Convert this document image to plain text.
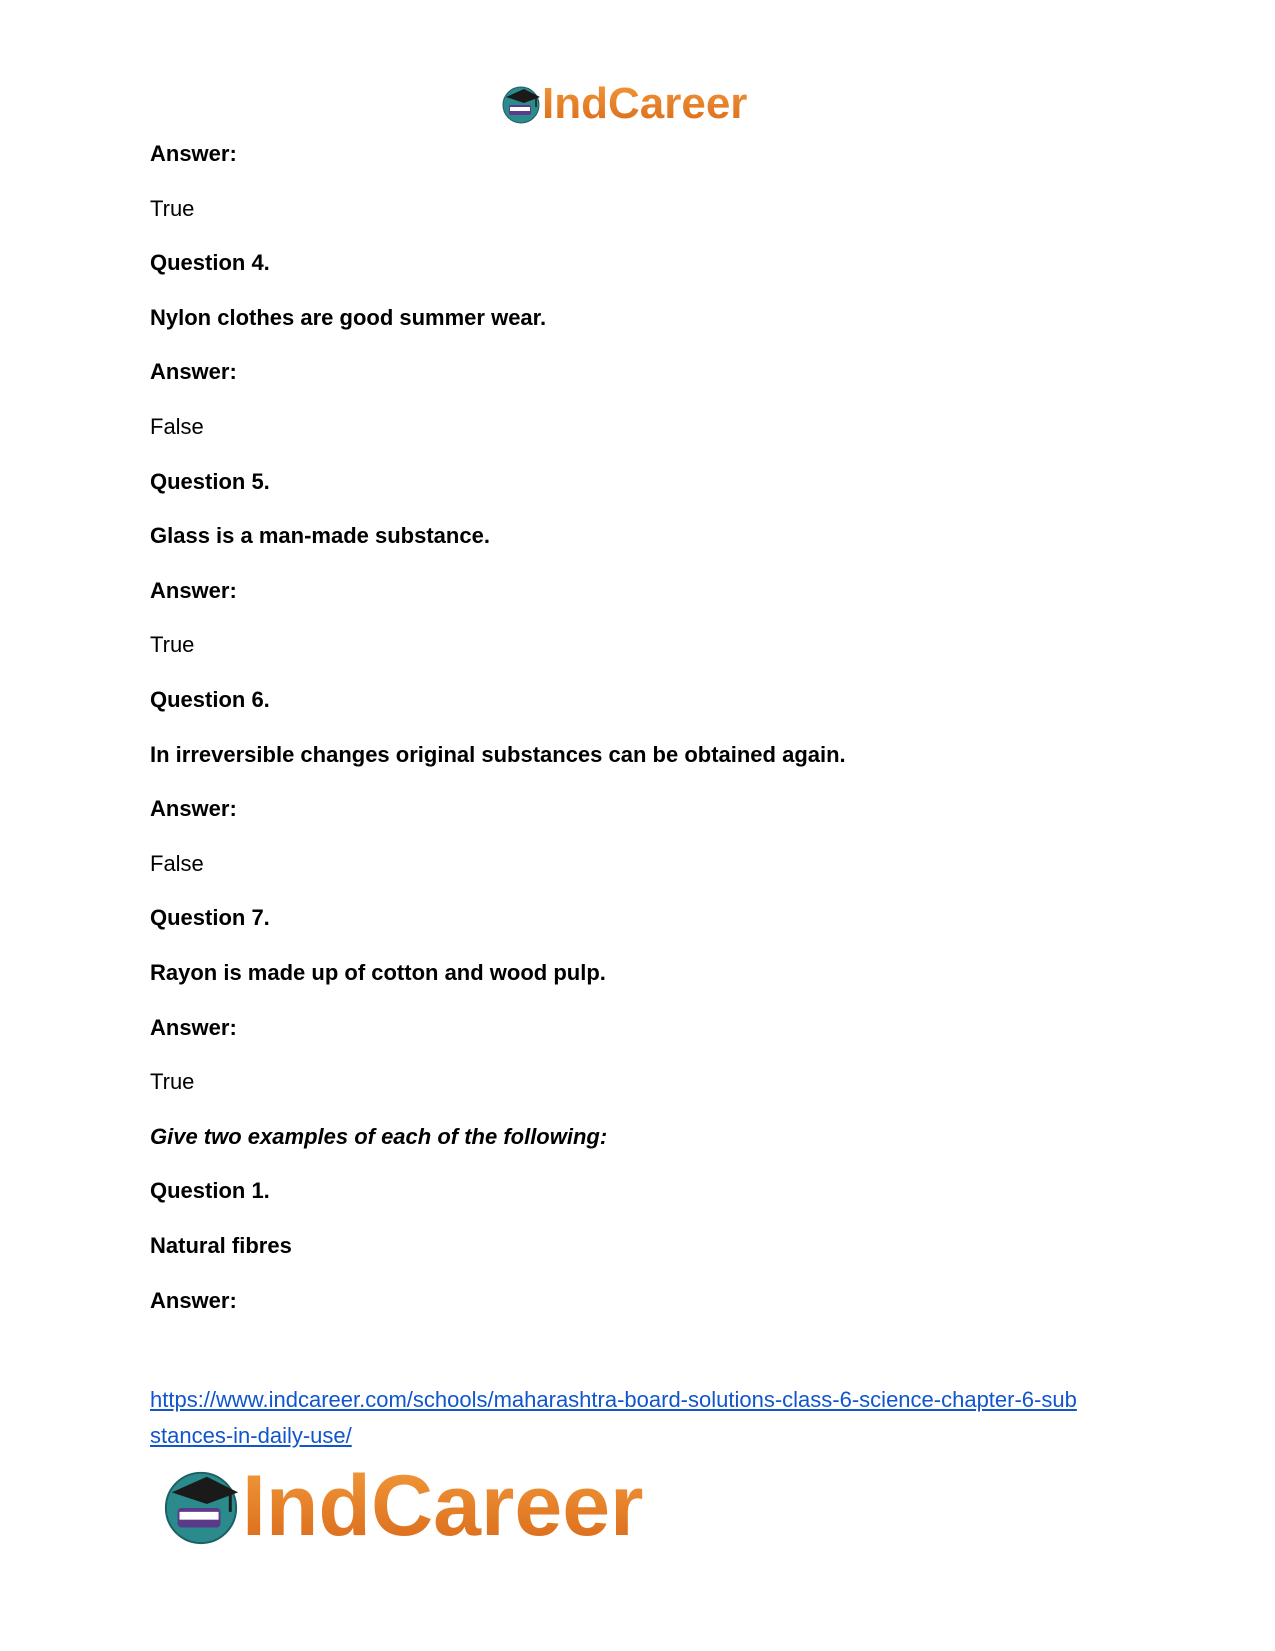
IndCareer
Answer:
True
Question 4.
Nylon clothes are good summer wear.
Answer:
False
Question 5.
Glass is a man-made substance.
Answer:
True
Question 6.
In irreversible changes original substances can be obtained again.
Answer:
False
Question 7.
Rayon is made up of cotton and wood pulp.
Answer:
True
Give two examples of each of the following:
Question 1.
Natural fibres
Answer:
https://www.indcareer.com/schools/maharashtra-board-solutions-class-6-science-chapter-6-sub
stances-in-daily-use/
IndCareer
